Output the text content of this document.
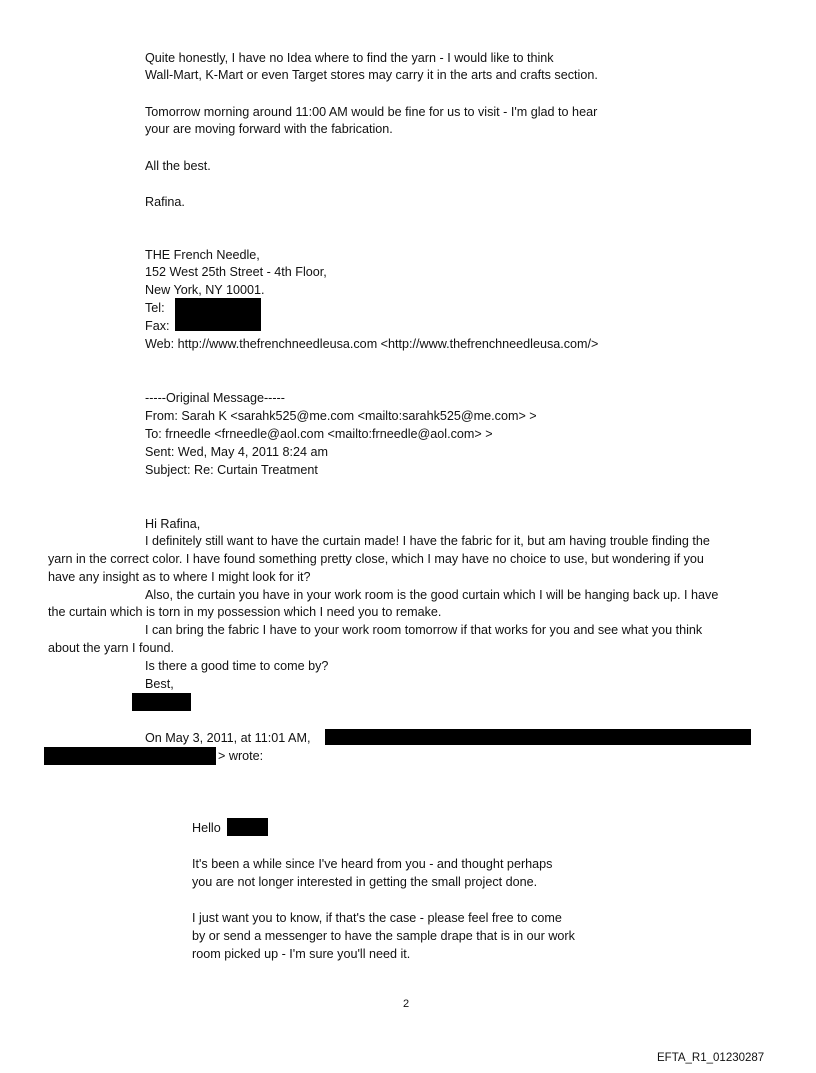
Quite honestly, I have no Idea where to find the yarn - I would like to think
Wall-Mart, K-Mart or even Target stores may carry it in the arts and crafts section.
Tomorrow morning around 11:00 AM would be fine for us to visit - I'm glad to hear
your are moving forward with the fabrication.
All the best.
Rafina.
THE French Needle,
152 West 25th Street - 4th Floor,
New York, NY 10001.
Tel:
Fax:
Web: http://www.thefrenchneedleusa.com <http://www.thefrenchneedleusa.com/>
-----Original Message-----
From: Sarah K <sarahk525@me.com <mailto:sarahk525@me.com> >
To: frneedle <frneedle@aol.com <mailto:frneedle@aol.com> >
Sent: Wed, May 4, 2011 8:24 am
Subject: Re: Curtain Treatment
Hi Rafina,
I definitely still want to have the curtain made! I have the fabric for it, but am having trouble finding the
yarn in the correct color. I have found something pretty close, which I may have no choice to use, but wondering if you
have any insight as to where I might look for it?
Also, the curtain you have in your work room is the good curtain which I will be hanging back up. I have
the curtain which is torn in my possession which I need you to remake.
I can bring the fabric I have to your work room tomorrow if that works for you and see what you think
about the yarn I found.
Is there a good time to come by?
Best,
On May 3, 2011, at 11:01 AM,
> wrote:
Hello
It's been a while since I've heard from you - and thought perhaps
you are not longer interested in getting the small project done.
I just want you to know, if that's the case - please feel free to come
by or send a messenger to have the sample drape that is in our work
room picked up - I'm sure you'll need it.
2
EFTA_R1_01230287
